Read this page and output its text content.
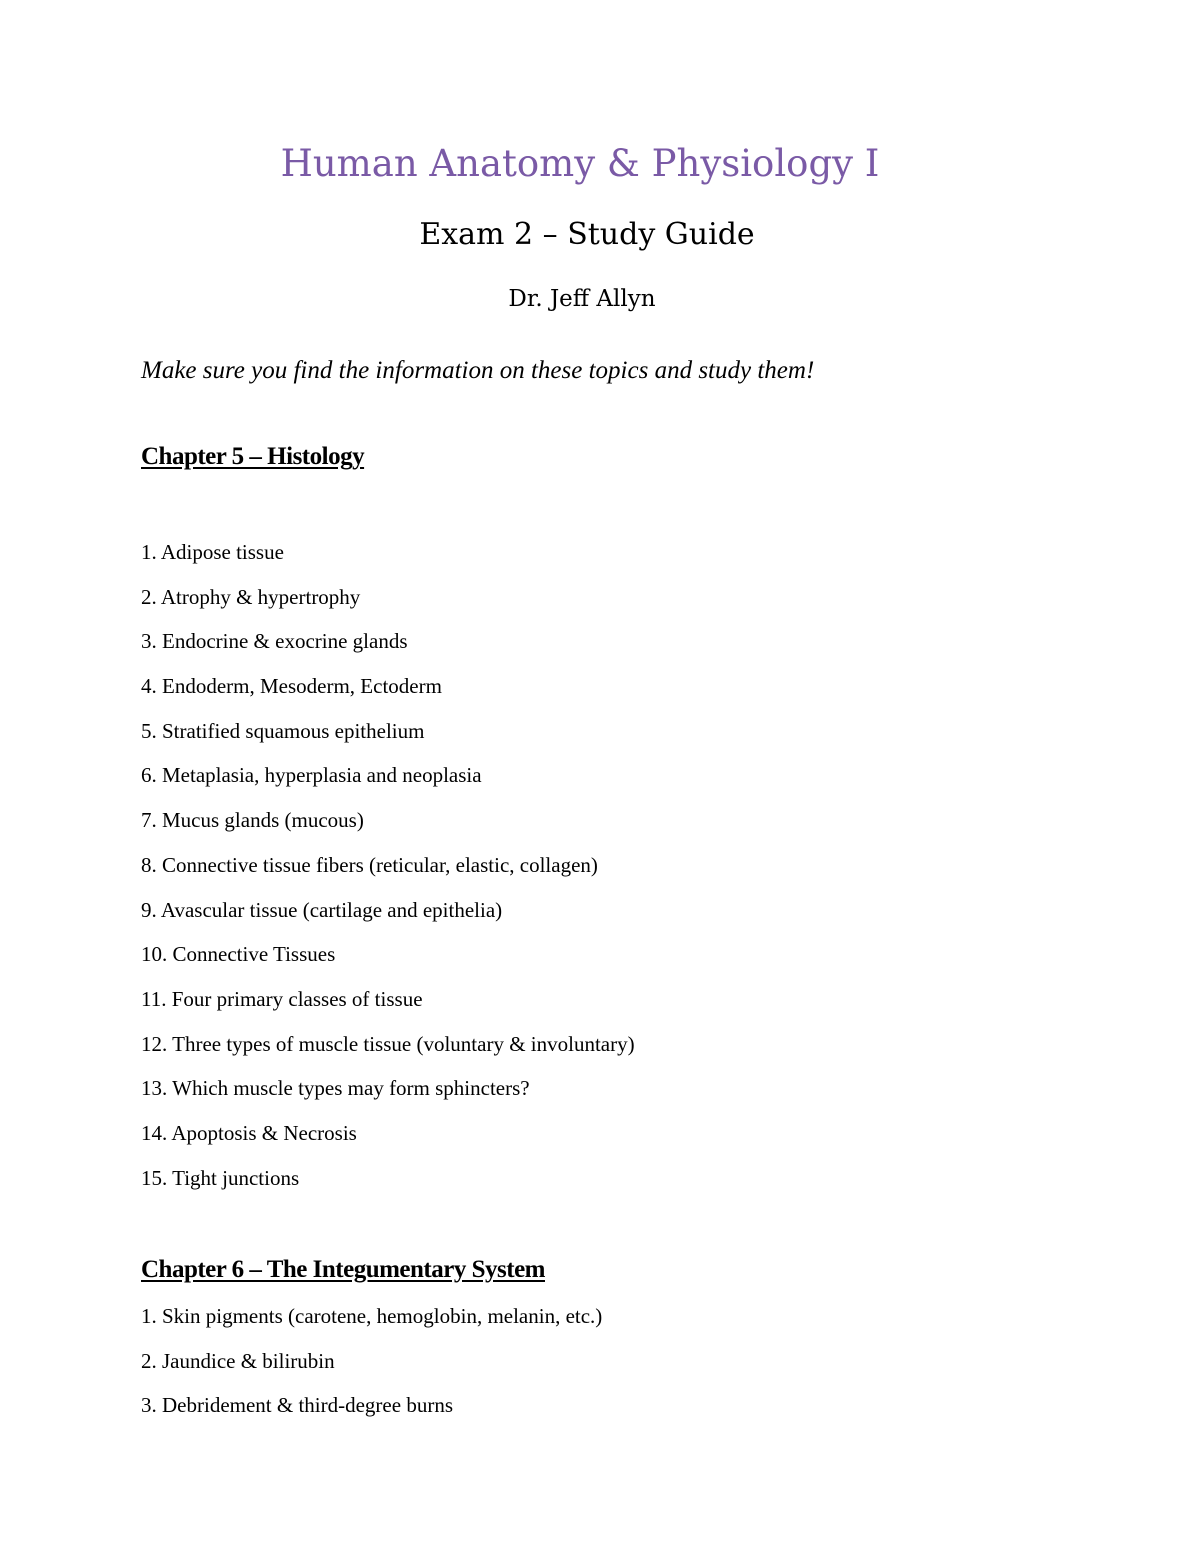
Human Anatomy & Physiology I
Exam 2 – Study Guide
Dr. Jeff Allyn
Make sure you find the information on these topics and study them!
Chapter 5 – Histology
1. Adipose tissue
2. Atrophy & hypertrophy
3. Endocrine & exocrine glands
4. Endoderm, Mesoderm, Ectoderm
5. Stratified squamous epithelium
6. Metaplasia, hyperplasia and neoplasia
7. Mucus glands (mucous)
8. Connective tissue fibers (reticular, elastic, collagen)
9. Avascular tissue (cartilage and epithelia)
10. Connective Tissues
11. Four primary classes of tissue
12. Three types of muscle tissue (voluntary & involuntary)
13. Which muscle types may form sphincters?
14. Apoptosis & Necrosis
15. Tight junctions
Chapter 6 – The Integumentary System
1. Skin pigments (carotene, hemoglobin, melanin, etc.)
2. Jaundice & bilirubin
3. Debridement & third-degree burns
